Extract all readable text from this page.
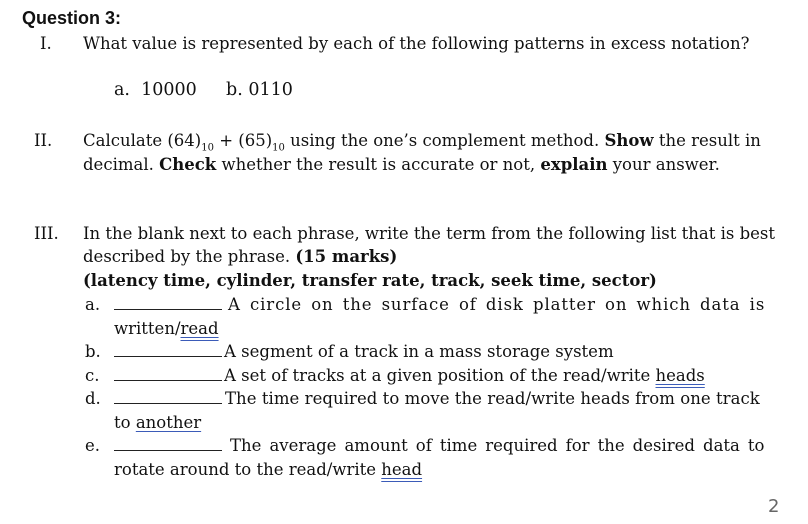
Question 3:
I. What value is represented by each of the following patterns in excess notation?
a. 10000 b. 0110
II. Calculate $(64)_{10} + (65)_{10}$ using the one’s complement method. Show the result in
decimal. Check whether the result is accurate or not, explain your answer.
III. In the blank next to each phrase, write the term from the following list that is best
described by the phrase. (15 marks)
(latency time, cylinder, transfer rate, track, seek time, sector)
a.	A circle on the surface of disk platter on which data is
written/read
b.	A segment of a track in a mass storage system
c.	A set of tracks at a given position of the read/write heads
d.	The time required to move the read/write heads from one track
to another
e.	The average amount of time required for the desired data to
rotate around to the read/write head
2
